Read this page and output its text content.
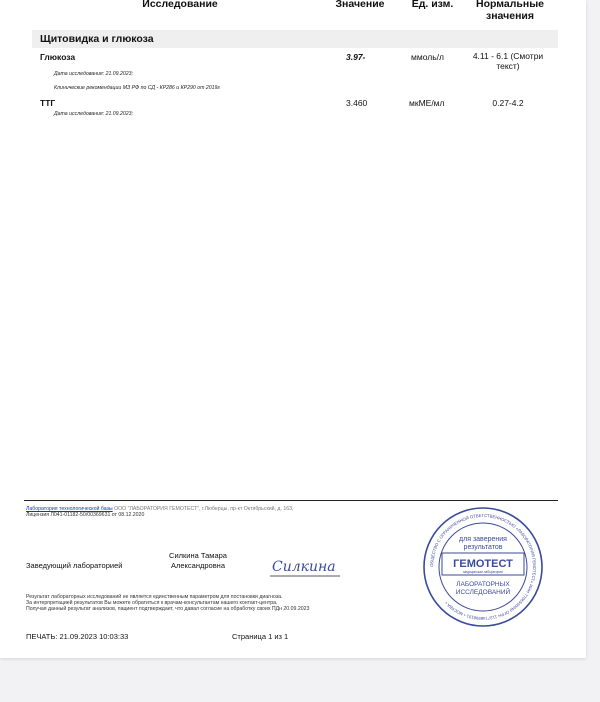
Исследование	Значение	Ед. изм.	Нормальные
значения
Щитовидка и глюкоза
Глюкоза	3.97-	ммоль/л	4.11 - 6.1 (Смотри
текст)
Дата исследования: 21.09.2023;
Клинические рекомендации МЗ РФ по СД - КР286 и КР290 от 2019г
ТТГ	3.460	мкМЕ/мл	0.27-4.2
Дата исследования: 21.09.2023;
Лаборатория технологической базы ООО "ЛАБОРАТОРИЯ ГЕМОТЕСТ", г.Люберцы, пр-кт Октябрьский, д. 163,
Лицензия Л041-01182-50/00369631 от 08.12.2020
Заведующий лабораторией
Силкина Тамара
Александровна	Силкина
Результат лабораторных исследований не является единственным параметром для постановки диагноза.
За интерпретацией результатов Вы можете обратиться к врачам-консультантам нашего контакт-центра.
Получая данный результат анализов, пациент подтверждает, что давал согласие на обработку своих ПДн 20.09.2023
ПЕЧАТЬ: 21.09.2023 10:03:33	Страница 1 из 1
ОБЩЕСТВО С ОГРАНИЧЕННОЙ ОТВЕТСТВЕННОСТЬЮ «ЛАБОРАТОРИЯ ГЕМОТЕСТ» ИНН 7705590040 ОГРН 1137746998101 • МОСКВА •
для заверения
результатов
ГЕМОТЕСТ
медицинская лаборатория
ЛАБОРАТОРНЫХ
ИССЛЕДОВАНИЙ
